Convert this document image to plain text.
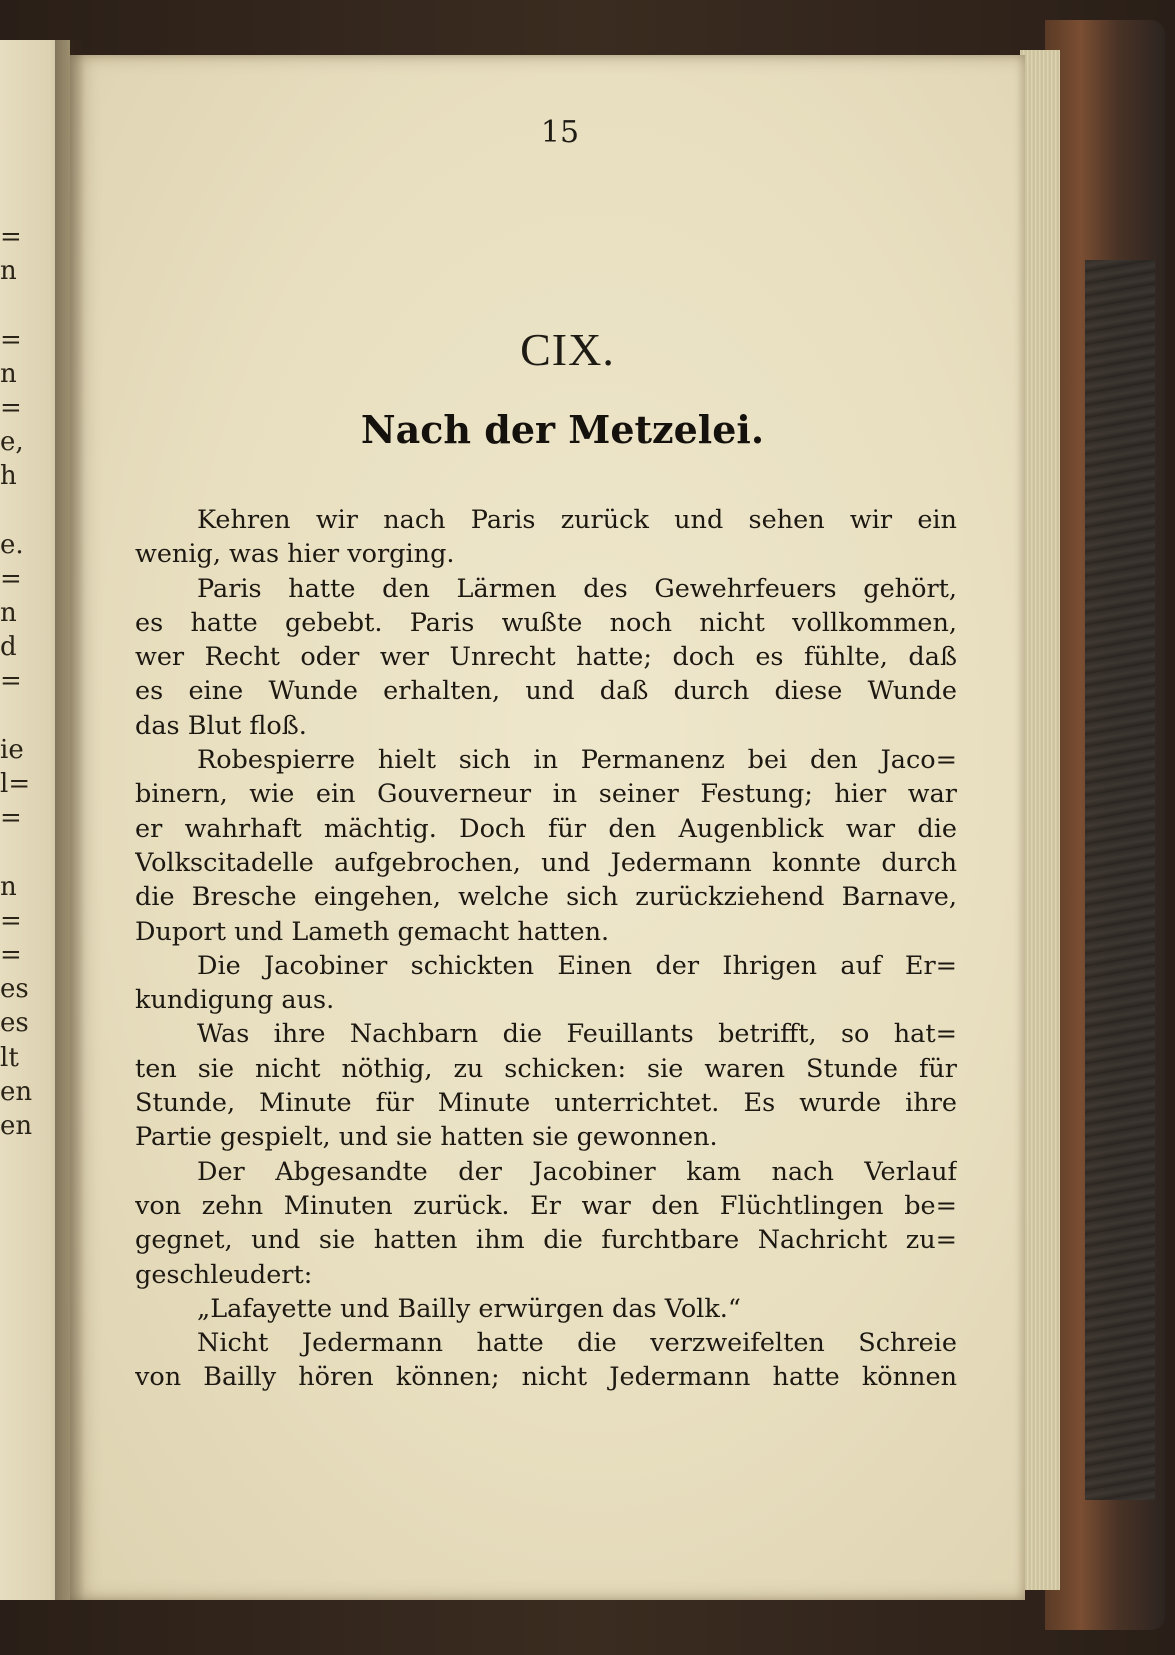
=
n
=
n
=
e,
h
e.
=
n
d
=
ie
l=
=
n
=
=
es
es
lt
en
en
15
CIX.
Nach der Metzelei.
Kehren wir nach Paris zurück und sehen wir ein
wenig, was hier vorging.
Paris hatte den Lärmen des Gewehrfeuers gehört,
es hatte gebebt. Paris wußte noch nicht vollkommen,
wer Recht oder wer Unrecht hatte; doch es fühlte, daß
es eine Wunde erhalten, und daß durch diese Wunde
das Blut floß.
Robespierre hielt sich in Permanenz bei den Jaco=
binern, wie ein Gouverneur in seiner Festung; hier war
er wahrhaft mächtig. Doch für den Augenblick war die
Volkscitadelle aufgebrochen, und Jedermann konnte durch
die Bresche eingehen, welche sich zurückziehend Barnave,
Duport und Lameth gemacht hatten.
Die Jacobiner schickten Einen der Ihrigen auf Er=
kundigung aus.
Was ihre Nachbarn die Feuillants betrifft, so hat=
ten sie nicht nöthig, zu schicken: sie waren Stunde für
Stunde, Minute für Minute unterrichtet. Es wurde ihre
Partie gespielt, und sie hatten sie gewonnen.
Der Abgesandte der Jacobiner kam nach Verlauf
von zehn Minuten zurück. Er war den Flüchtlingen be=
gegnet, und sie hatten ihm die furchtbare Nachricht zu=
geschleudert:
„Lafayette und Bailly erwürgen das Volk.“
Nicht Jedermann hatte die verzweifelten Schreie
von Bailly hören können; nicht Jedermann hatte können
